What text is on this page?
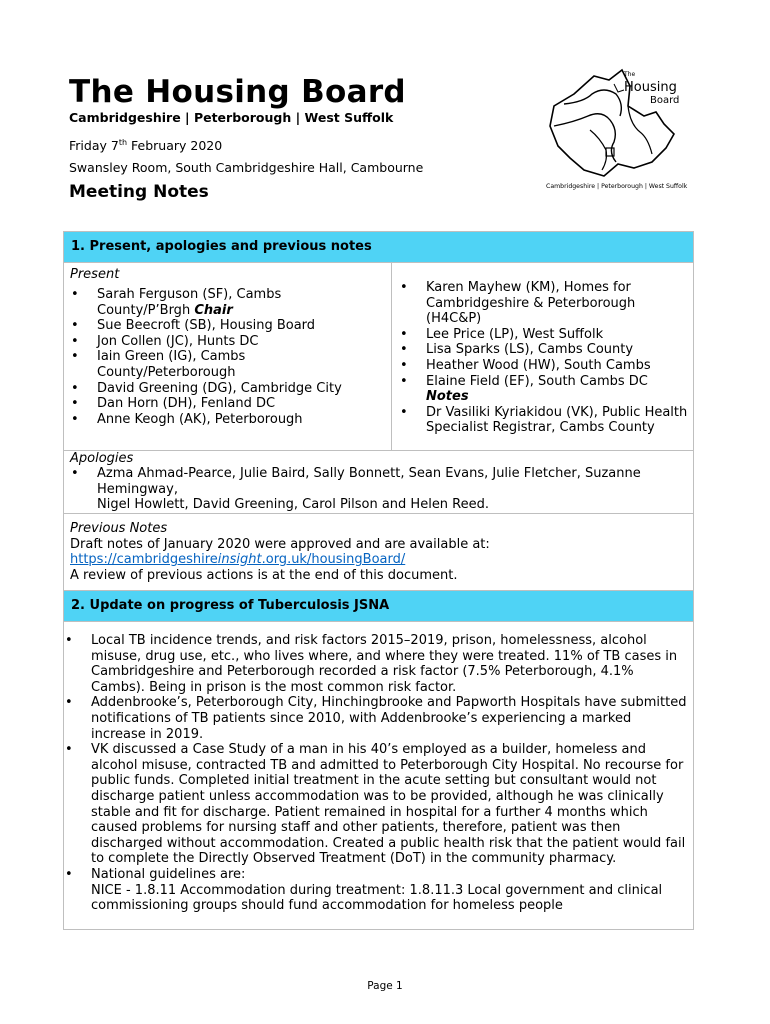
The Housing Board
Cambridgeshire | Peterborough | West Suffolk
Friday 7th February 2020
Swansley Room, South Cambridgeshire Hall, Cambourne
Meeting Notes
The
Housing
Board
Cambridgeshire | Peterborough | West Suffolk
1. Present, apologies and previous notes
Present
• Sarah Ferguson (SF), Cambs County/P’Brgh Chair
• Sue Beecroft (SB), Housing Board
• Jon Collen (JC), Hunts DC
• Iain Green (IG), Cambs County/Peterborough
• David Greening (DG), Cambridge City
• Dan Horn (DH), Fenland DC
• Anne Keogh (AK), Peterborough
• Karen Mayhew (KM), Homes for Cambridgeshire & Peterborough (H4C&P)
• Lee Price (LP), West Suffolk
• Lisa Sparks (LS), Cambs County
• Heather Wood (HW), South Cambs
• Elaine Field (EF), South Cambs DC Notes
• Dr Vasiliki Kyriakidou (VK), Public Health Specialist Registrar, Cambs County
Apologies
• Azma Ahmad-Pearce, Julie Baird, Sally Bonnett, Sean Evans, Julie Fletcher, Suzanne Hemingway,
Nigel Howlett, David Greening, Carol Pilson and Helen Reed.
Previous Notes
Draft notes of January 2020 were approved and are available at:
https://cambridgeshireinsight.org.uk/housingBoard/
A review of previous actions is at the end of this document.
2. Update on progress of Tuberculosis JSNA
• Local TB incidence trends, and risk factors 2015–2019, prison, homelessness, alcohol misuse, drug use, etc., who lives where, and where they were treated. 11% of TB cases in Cambridgeshire and Peterborough recorded a risk factor (7.5% Peterborough, 4.1% Cambs). Being in prison is the most common risk factor.
• Addenbrooke’s, Peterborough City, Hinchingbrooke and Papworth Hospitals have submitted notifications of TB patients since 2010, with Addenbrooke’s experiencing a marked increase in 2019.
• VK discussed a Case Study of a man in his 40’s employed as a builder, homeless and alcohol misuse, contracted TB and admitted to Peterborough City Hospital. No recourse for public funds. Completed initial treatment in the acute setting but consultant would not discharge patient unless accommodation was to be provided, although he was clinically stable and fit for discharge. Patient remained in hospital for a further 4 months which caused problems for nursing staff and other patients, therefore, patient was then discharged without accommodation. Created a public health risk that the patient would fail to complete the Directly Observed Treatment (DoT) in the community pharmacy.
• National guidelines are:
NICE - 1.8.11 Accommodation during treatment: 1.8.11.3 Local government and clinical commissioning groups should fund accommodation for homeless people
Page 1
